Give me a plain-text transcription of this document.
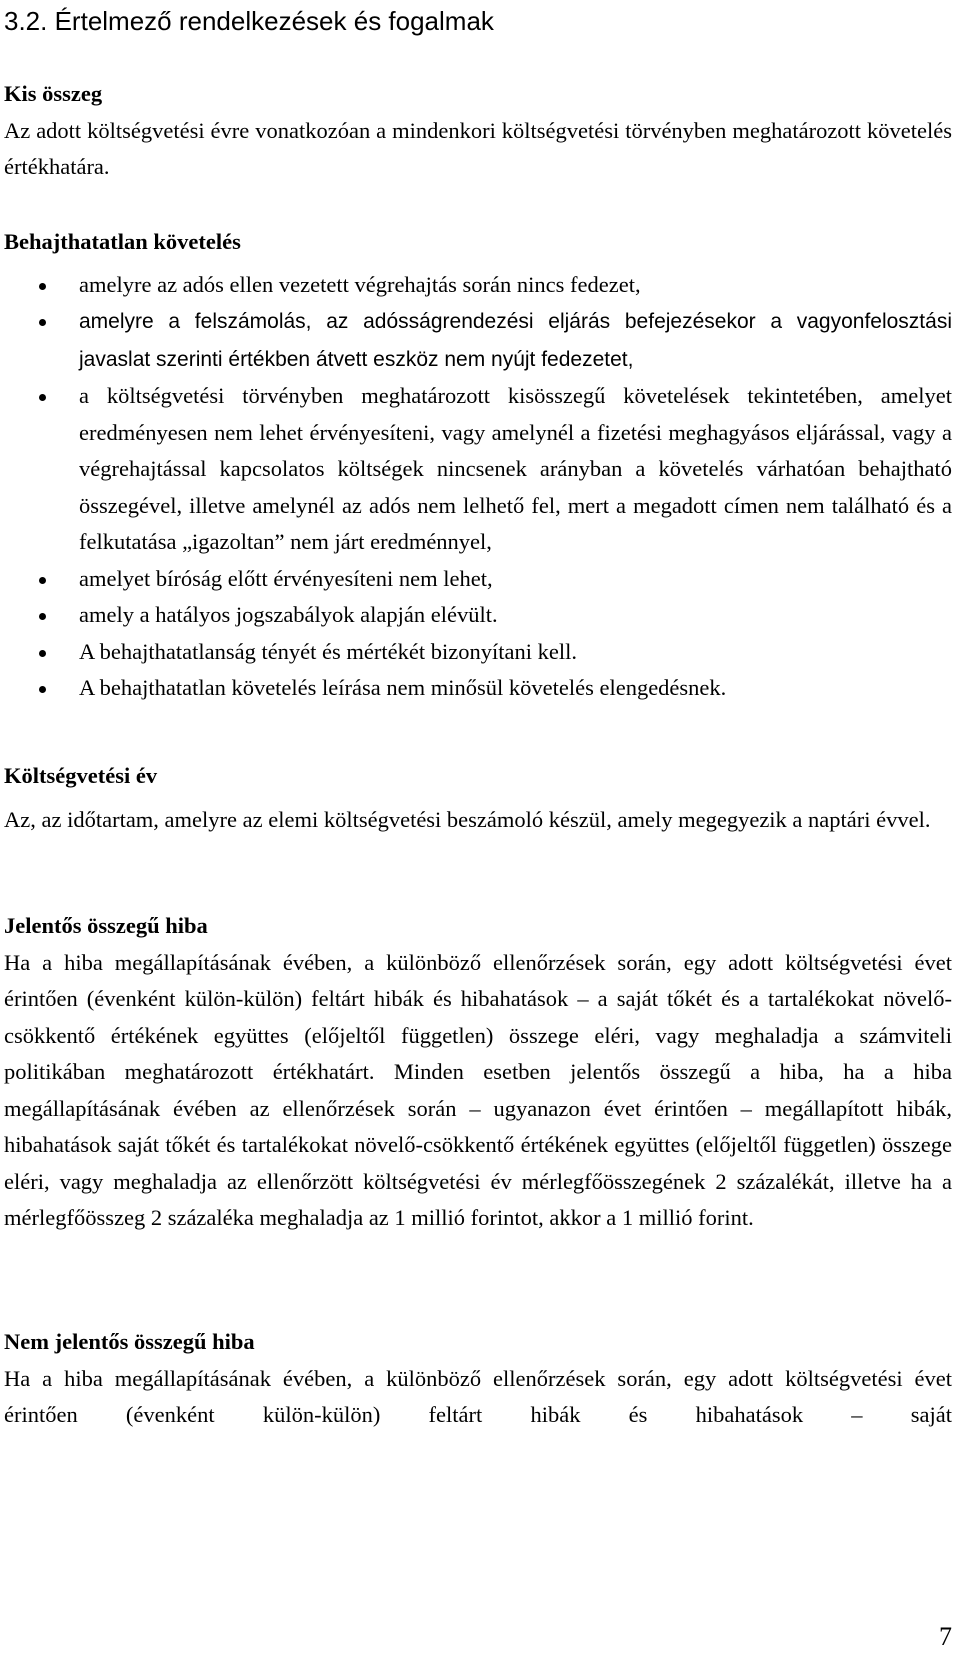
3.2. Értelmező rendelkezések és fogalmak

Kis összeg

Az adott költségvetési évre vonatkozóan a mindenkori költségvetési törvényben meghatározott követelés értékhatára.

Behajthatatlan követelés

amelyre az adós ellen vezetett végrehajtás során nincs fedezet,
amelyre a felszámolás, az adósságrendezési eljárás befejezésekor a vagyonfelosztási javaslat szerinti értékben átvett eszköz nem nyújt fedezetet,
a költségvetési törvényben meghatározott kisösszegű követelések tekintetében, amelyet eredményesen nem lehet érvényesíteni, vagy amelynél a fizetési meghagyásos eljárással, vagy a végrehajtással kapcsolatos költségek nincsenek arányban a követelés várhatóan behajtható összegével, illetve amelynél az adós nem lelhető fel, mert a megadott címen nem található és a felkutatása „igazoltan” nem járt eredménnyel,
amelyet bíróság előtt érvényesíteni nem lehet,
amely a hatályos jogszabályok alapján elévült.
A behajthatatlanság tényét és mértékét bizonyítani kell.
A behajthatatlan követelés leírása nem minősül követelés elengedésnek.

Költségvetési év

Az, az időtartam, amelyre az elemi költségvetési beszámoló készül, amely megegyezik a naptári évvel.

Jelentős összegű hiba

Ha a hiba megállapításának évében, a különböző ellenőrzések során, egy adott költségvetési évet érintően (évenként külön-külön) feltárt hibák és hibahatások – a saját tőkét és a tartalékokat növelő-csökkentő értékének együttes (előjeltől független) összege eléri, vagy meghaladja a számviteli politikában meghatározott értékhatárt. Minden esetben jelentős összegű a hiba, ha a hiba megállapításának évében az ellenőrzések során – ugyanazon évet érintően – megállapított hibák, hibahatások saját tőkét és tartalékokat növelő-csökkentő értékének együttes (előjeltől független) összege eléri, vagy meghaladja az ellenőrzött költségvetési év mérlegfőösszegének 2 százalékát, illetve ha a mérlegfőösszeg 2 százaléka meghaladja az 1 millió forintot, akkor a 1 millió forint.

Nem jelentős összegű hiba

Ha a hiba megállapításának évében, a különböző ellenőrzések során, egy adott költségvetési évet érintően (évenként külön-külön) feltárt hibák és hibahatások – saját

7
